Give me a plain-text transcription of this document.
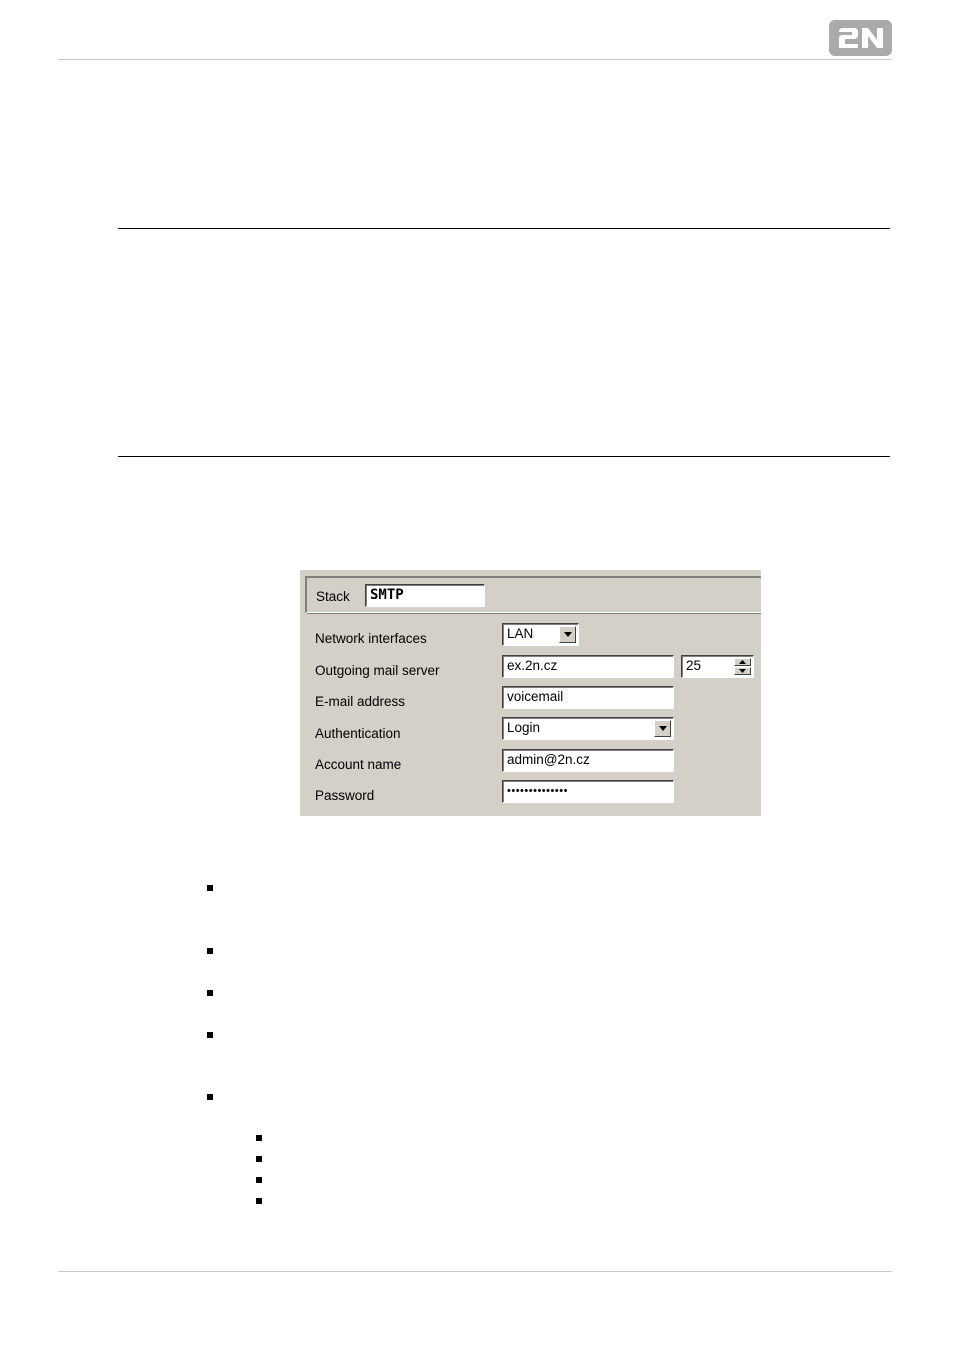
Stack	SMTP
Network interfaces	LAN
Outgoing mail server	ex.2n.cz	25
E-mail address	voicemail
Authentication	Login
Account name	admin@2n.cz
Password	••••••••••••••
